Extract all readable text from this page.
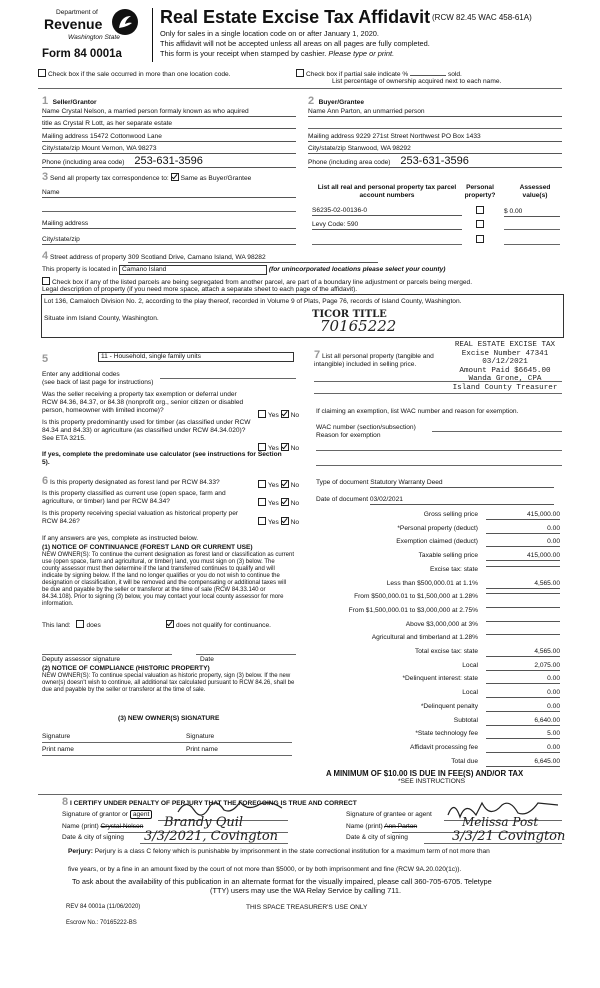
Department of
Revenue
Washington State
Form 84 0001a
Real Estate Excise Tax Affidavit (RCW 82.45 WAC 458-61A)
Only for sales in a single location code on or after January 1, 2020.
This affidavit will not be accepted unless all areas on all pages are fully completed.
This form is your receipt when stamped by cashier. Please type or print.
Check box if the sale occurred in more than one location code.	Check box if partial sale indicate %	sold.
List percentage of ownership acquired next to each name.
1 Seller/Grantor
Name Crystal Nelson, a married person formaly known as who aquired
title as Crystal R Lott, as her separate estate
Mailing address 15472 Cottonwood Lane
City/state/zip Mount Vernon, WA 98273
Phone (including area code) 253-631-3596
2 Buyer/Grantee
Name Ann Parton, an unmarried person
Mailing address 9229 271st Street Northwest PO Box 1433
City/state/zip Stanwood, WA 98292
Phone (including area code) 253-631-3596
3 Send all property tax correspondence to: Same as Buyer/Grantee
Name
Mailing address
City/state/zip
List all real and personal property tax parcel account numbers
Personal property?
Assessed value(s)
S6235-02-00136-0	$ 0.00
Levy Code: 590
4 Street address of property 309 Scotland Drive, Camano Island, WA 98282
This property is located in Camano Island	(for unincorporated locations please select your county)
Check box if any of the listed parcels are being segregated from another parcel, are part of a boundary line adjustment or parcels being merged.
Legal description of property (if you need more space, attach a separate sheet to each page of the affidavit).
Lot 136, Camaloch Division No. 2, according to the play thereof, recorded in Volume 9 of Plats, Page 76, records of Island County, Washington.
Situate inm Island County, Washington.	TICOR TITLE
70165222
REAL ESTATE EXCISE TAX
Excise Number 47341
03/12/2021
Amount Paid $6645.00
Wanda Grone, CPA
Island County Treasurer
5	11 - Household, single family units
Enter any additional codes
(see back of last page for instructions)
Was the seller receiving a property tax exemption or deferral under RCW 84.36, 84.37, or 84.38 (nonprofit org., senior citizen or disabled person, homeowner with limited income)?
Yes No
Is this property predominantly used for timber (as classified under RCW 84.34 and 84.33) or agriculture (as classified under RCW 84.34.020)? See ETA 3215.
Yes No
If yes, complete the predominate use calculator (see instructions for Section 5).
7 List all personal property (tangible and intangible) included in selling price.
If claiming an exemption, list WAC number and reason for exemption.
WAC number (section/subsection)
Reason for exemption
Type of document Statutory Warranty Deed
Date of document 03/02/2021
6 Is this property designated as forest land per RCW 84.33?	Yes No
Is this property classified as current use (open space, farm and agriculture, or timber) land per RCW 84.34?	Yes No
Is this property receiving special valuation as historical property per RCW 84.26?	Yes No
If any answers are yes, complete as instructed below.
(1) NOTICE OF CONTINUANCE (FOREST LAND OR CURRENT USE)
NEW OWNER(S): To continue the current designation as forest land or classification as current use (open space, farm and agricultural, or timber) land, you must sign on (3) below. The county assessor must then determine if the land transferred continues to qualify and will indicate by signing below. If the land no longer qualifies or you do not wish to continue the designation or classification, it will be removed and the compensating or additional taxes will be due and payable by the seller or transferor at the time of sale (RCW 84.33.140 or 84.34.108). Prior to signing (3) below, you may contact your local county assessor for more information.
This land: does	does not qualify for continuance.
Deputy assessor signature	Date
(2) NOTICE OF COMPLIANCE (HISTORIC PROPERTY)
NEW OWNER(S): To continue special valuation as historic property, sign (3) below. If the new owner(s) doesn't wish to continue, all additional tax calculated pursuant to RCW 84.26, shall be due and payable by the seller or transferor at the time of sale.
(3) NEW OWNER(S) SIGNATURE
Signature	Signature
Print name	Print name
Gross selling price	415,000.00
*Personal property (deduct)	0.00
Exemption claimed (deduct)	0.00
Taxable selling price	415,000.00
Excise tax: state
Less than $500,000.01 at 1.1%	4,565.00
From $500,000.01 to $1,500,000 at 1.28%
From $1,500,000.01 to $3,000,000 at 2.75%
Above $3,000,000 at 3%
Agricultural and timberland at 1.28%
Total excise tax: state	4,565.00
Local	2,075.00
*Delinquent interest: state	0.00
Local	0.00
*Delinquent penalty	0.00
Subtotal	6,640.00
*State technology fee	5.00
Affidavit processing fee	0.00
Total due	6,645.00
A MINIMUM OF $10.00 IS DUE IN FEE(S) AND/OR TAX
*SEE INSTRUCTIONS
8 I CERTIFY UNDER PENALTY OF PERJURY THAT THE FOREGOING IS TRUE AND CORRECT
Signature of grantor or agent
Name (print) Crystal Nelson Brandy Quil
Date & city of signing 3/3/2021, Covington
Signature of grantee or agent
Name (print) Ann Parton	Melissa Post
Date & city of signing	3/3/21 Covington
Perjury: Perjury is a class C felony which is punishable by imprisonment in the state correctional institution for a maximum term of not more than
five years, or by a fine in an amount fixed by the court of not more than $5000, or by both imprisonment and fine (RCW 9A.20.020(1c)).
To ask about the availability of this publication in an alternate format for the visually impaired, please call 360-705-6705. Teletype
(TTY) users may use the WA Relay Service by calling 711.
REV 84 0001a (11/06/2020)	THIS SPACE TREASURER'S USE ONLY
Escrow No.: 70165222-BS
